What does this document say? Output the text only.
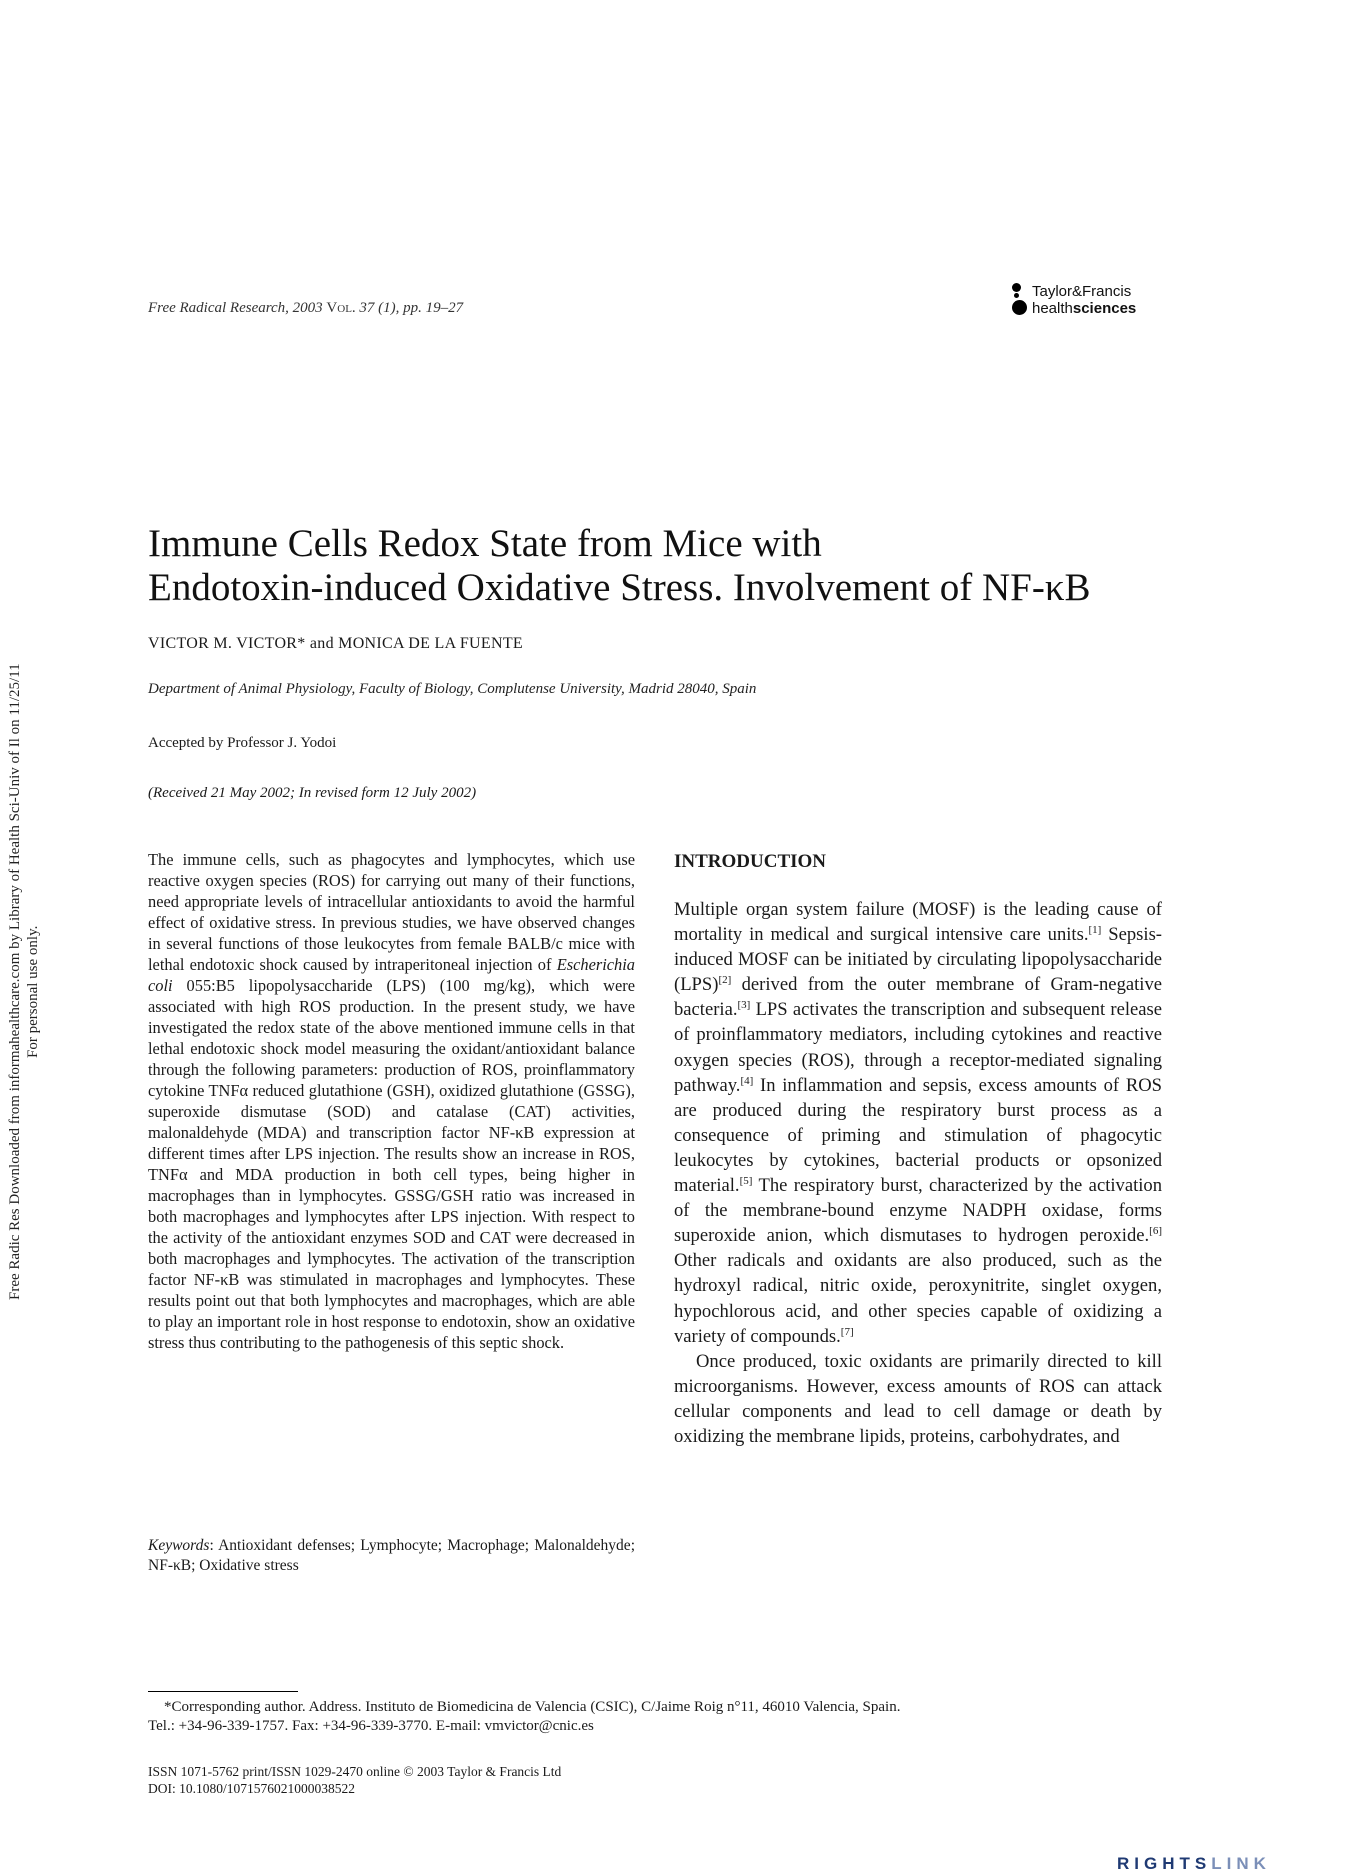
Free Radical Research, 2003 Vol. 37 (1), pp. 19–27
Taylor&Francis
healthsciences
Free Radic Res Downloaded from informahealthcare.com by Library of Health Sci-Univ of Il on 11/25/11 For personal use only.
Immune Cells Redox State from Mice with
Endotoxin-induced Oxidative Stress. Involvement of NF-κB
VICTOR M. VICTOR* and MONICA DE LA FUENTE
Department of Animal Physiology, Faculty of Biology, Complutense University, Madrid 28040, Spain
Accepted by Professor J. Yodoi
(Received 21 May 2002; In revised form 12 July 2002)
The immune cells, such as phagocytes and lymphocytes, which use reactive oxygen species (ROS) for carrying out many of their functions, need appropriate levels of intracellular antioxidants to avoid the harmful effect of oxidative stress. In previous studies, we have observed changes in several functions of those leukocytes from female BALB/c mice with lethal endotoxic shock caused by intraperitoneal injection of Escherichia coli 055:B5 lipopolysaccharide (LPS) (100 mg/kg), which were associated with high ROS production. In the present study, we have investigated the redox state of the above mentioned immune cells in that lethal endotoxic shock model measuring the oxidant/antioxidant balance through the following parameters: production of ROS, proinflammatory cytokine TNFα reduced glutathione (GSH), oxidized glutathione (GSSG), superoxide dismutase (SOD) and catalase (CAT) activities, malonaldehyde (MDA) and transcription factor NF-κB expression at different times after LPS injection. The results show an increase in ROS, TNFα and MDA production in both cell types, being higher in macrophages than in lymphocytes. GSSG/GSH ratio was increased in both macrophages and lymphocytes after LPS injection. With respect to the activity of the antioxidant enzymes SOD and CAT were decreased in both macrophages and lymphocytes. The activation of the transcription factor NF-κB was stimulated in macrophages and lymphocytes. These results point out that both lymphocytes and macrophages, which are able to play an important role in host response to endotoxin, show an oxidative stress thus contributing to the pathogenesis of this septic shock.
Keywords: Antioxidant defenses; Lymphocyte; Macrophage; Malonaldehyde; NF-κB; Oxidative stress
INTRODUCTION

Multiple organ system failure (MOSF) is the leading cause of mortality in medical and surgical intensive care units.[1] Sepsis-induced MOSF can be initiated by circulating lipopolysaccharide (LPS)[2] derived from the outer membrane of Gram-negative bacteria.[3] LPS activates the transcription and subsequent release of proinflammatory mediators, including cytokines and reactive oxygen species (ROS), through a receptor-mediated signaling pathway.[4] In inflammation and sepsis, excess amounts of ROS are produced during the respiratory burst process as a consequence of priming and stimulation of phagocytic leukocytes by cytokines, bacterial products or opsonized material.[5] The respiratory burst, characterized by the activation of the membrane-bound enzyme NADPH oxidase, forms superoxide anion, which dismutases to hydrogen peroxide.[6] Other radicals and oxidants are also produced, such as the hydroxyl radical, nitric oxide, peroxynitrite, singlet oxygen, hypochlorous acid, and other species capable of oxidizing a variety of compounds.[7]

Once produced, toxic oxidants are primarily directed to kill microorganisms. However, excess amounts of ROS can attack cellular components and lead to cell damage or death by oxidizing the membrane lipids, proteins, carbohydrates, and

*Corresponding author. Address. Instituto de Biomedicina de Valencia (CSIC), C/Jaime Roig n°11, 46010 Valencia, Spain.
Tel.: +34-96-339-1757. Fax: +34-96-339-3770. E-mail: vmvictor@cnic.es
ISSN 1071-5762 print/ISSN 1029-2470 online © 2003 Taylor & Francis Ltd
DOI: 10.1080/1071576021000038522
RIGHTSLINK
